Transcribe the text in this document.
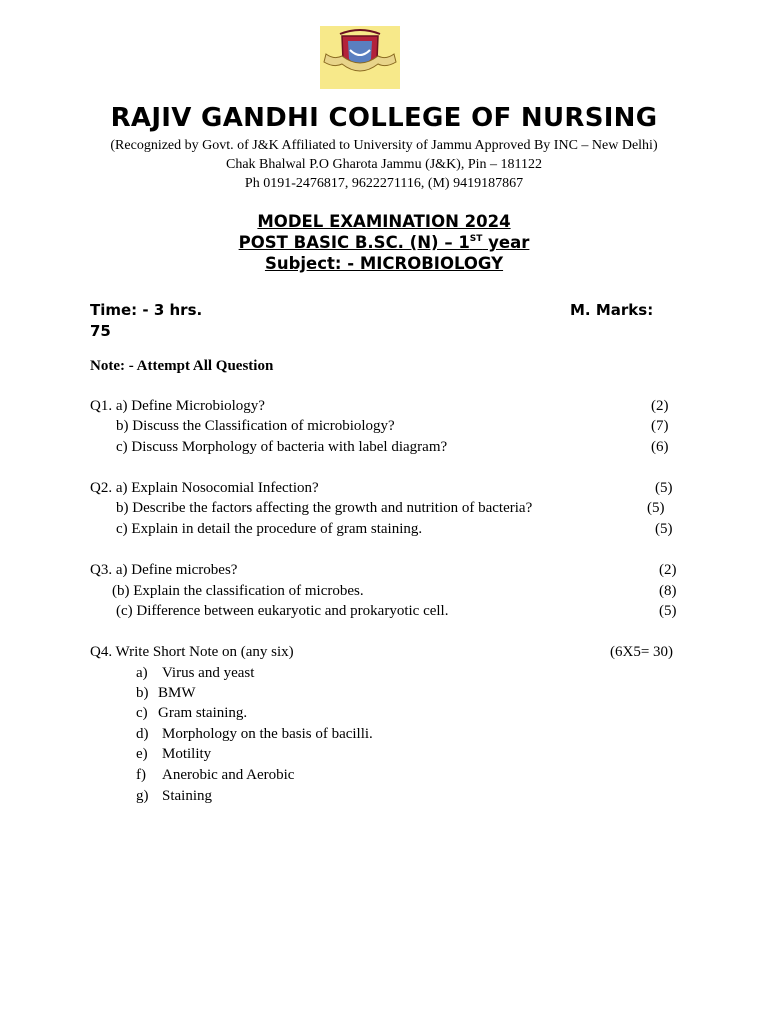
RAJIV GANDHI COLLEGE OF NURSING
(Recognized by Govt. of J&K Affiliated to University of Jammu Approved By INC – New Delhi)
Chak Bhalwal P.O Gharota Jammu (J&K), Pin – 181122
Ph 0191-2476817, 9622271116, (M) 9419187867
MODEL EXAMINATION 2024
POST BASIC B.SC. (N) – 1ST year
Subject: - MICROBIOLOGY
Time: - 3 hrs.	M. Marks:
75
Note: - Attempt All Question
Q1. a) Define Microbiology?	(2)
b) Discuss the Classification of microbiology?	(7)
c) Discuss Morphology of bacteria with label diagram?	(6)
Q2. a) Explain Nosocomial Infection?	(5)
b) Describe the factors affecting the growth and nutrition of bacteria?	(5)
c) Explain in detail the procedure of gram staining.	(5)
Q3. a) Define microbes?	(2)
(b) Explain the classification of microbes.	(8)
(c) Difference between eukaryotic and prokaryotic cell.	(5)
Q4. Write Short Note on (any six)	(6X5= 30)
a) Virus and yeast
b) BMW
c) Gram staining.
d) Morphology on the basis of bacilli.
e) Motility
f) Anerobic and Aerobic
g) Staining
